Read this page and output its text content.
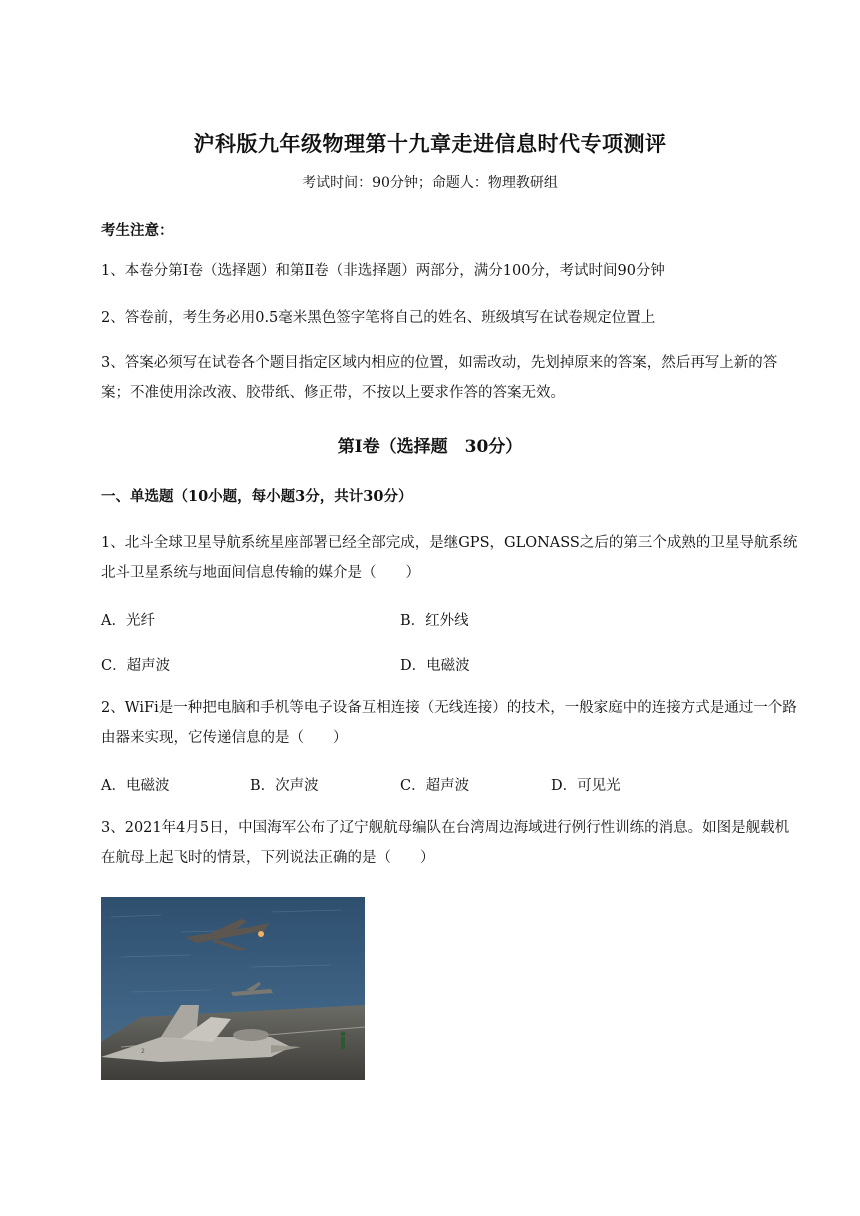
沪科版九年级物理第十九章走进信息时代专项测评
考试时间：90分钟；命题人：物理教研组
考生注意：
1、本卷分第Ⅰ卷（选择题）和第Ⅱ卷（非选择题）两部分，满分100分，考试时间90分钟
2、答卷前，考生务必用0.5毫米黑色签字笔将自己的姓名、班级填写在试卷规定位置上
3、答案必须写在试卷各个题目指定区域内相应的位置，如需改动，先划掉原来的答案，然后再写上新的答案；不准使用涂改液、胶带纸、修正带，不按以上要求作答的答案无效。
第Ⅰ卷（选择题　30分）
一、单选题（10小题，每小题3分，共计30分）
1、北斗全球卫星导航系统星座部署已经全部完成，是继GPS，GLONASS之后的第三个成熟的卫星导航系统北斗卫星系统与地面间信息传输的媒介是（　　）
A．光纤	B．红外线
C．超声波	D．电磁波
2、WiFi是一种把电脑和手机等电子设备互相连接（无线连接）的技术，一般家庭中的连接方式是通过一个路由器来实现，它传递信息的是（　　）
A．电磁波	B．次声波	C．超声波	D．可见光
3、2021年4月5日，中国海军公布了辽宁舰航母编队在台湾周边海域进行例行性训练的消息。如图是舰载机在航母上起飞时的情景，下列说法正确的是（　　）
2
